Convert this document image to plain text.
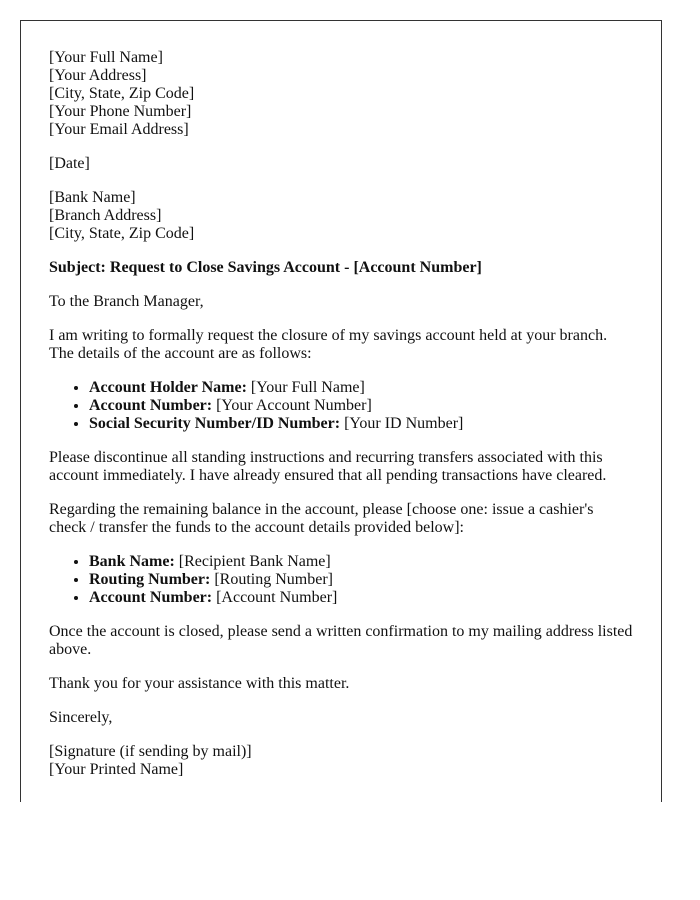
[Your Full Name]
[Your Address]
[City, State, Zip Code]
[Your Phone Number]
[Your Email Address]

[Date]

[Bank Name]
[Branch Address]
[City, State, Zip Code]

Subject: Request to Close Savings Account - [Account Number]

To the Branch Manager,

I am writing to formally request the closure of my savings account held at your branch. The details of the account are as follows:

• Account Holder Name: [Your Full Name]
• Account Number: [Your Account Number]
• Social Security Number/ID Number: [Your ID Number]

Please discontinue all standing instructions and recurring transfers associated with this account immediately. I have already ensured that all pending transactions have cleared.

Regarding the remaining balance in the account, please [choose one: issue a cashier's check / transfer the funds to the account details provided below]:

• Bank Name: [Recipient Bank Name]
• Routing Number: [Routing Number]
• Account Number: [Account Number]

Once the account is closed, please send a written confirmation to my mailing address listed above.

Thank you for your assistance with this matter.

Sincerely,

[Signature (if sending by mail)]
[Your Printed Name]
